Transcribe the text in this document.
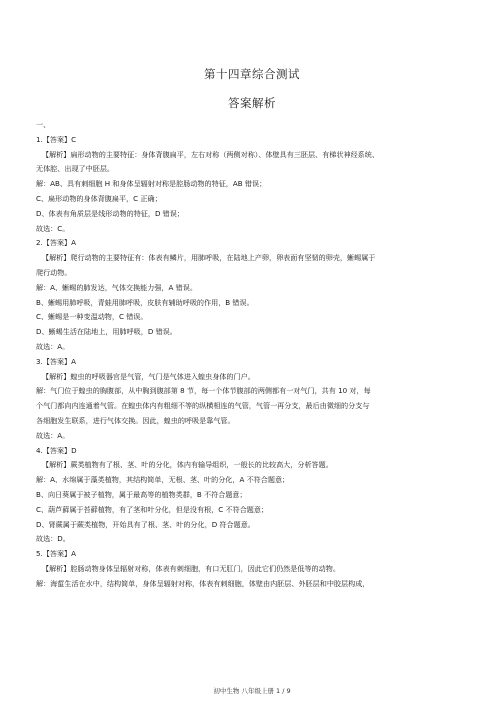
第十四章综合测试
答案解析
一、
1.【答案】C
【解析】扁形动物的主要特征：身体背腹扁平，左右对称（两侧对称）、体壁具有三胚层、有梯状神经系统、
无体腔、出现了中胚层。
解：AB、具有刺细胞 H 和身体呈辐射对称是腔肠动物的特征，AB 错误；
C、扁形动物的身体背腹扁平，C 正确；
D、体表有角质层是线形动物的特征，D 错误；
故选：C。
2.【答案】A
【解析】爬行动物的主要特征有：体表有鳞片，用肺呼吸，在陆地上产卵，卵表面有坚韧的卵壳，蜥蜴属于
爬行动物。
解：A、蜥蜴的肺发达，气体交换能力强，A 错误。
B、蜥蜴用肺呼吸，青蛙用肺呼吸，皮肤有辅助呼吸的作用，B 错误。
C、蜥蜴是一种变温动物，C 错误。
D、蜥蜴生活在陆地上，用肺呼吸，D 错误。
故选：A。
3.【答案】A
【解析】蝗虫的呼吸器官是气管，气门是气体进入蝗虫身体的门户。
解：气门位于蝗虫的胸腹部，从中胸到腹部第 8 节，每一个体节腹部的两侧都有一对气门，共有 10 对，每
个气门都向内连通着气管。在蝗虫体内有粗细不等的纵横相连的气管，气管一再分支，最后由微细的分支与
各细胞发生联系，进行气体交换。因此，蝗虫的呼吸是靠气管。
故选：A。
4.【答案】D
【解析】蕨类植物有了根、茎、叶的分化，体内有输导组织，一般长的比较高大，分析答题。
解：A、水绵属于藻类植物，其结构简单，无根、茎、叶的分化，A 不符合题意；
B、向日葵属于被子植物，属于最高等的植物类群，B 不符合题意；
C、葫芦藓属于苔藓植物，有了茎和叶分化，但是没有根，C 不符合题意；
D、肾蕨属于蕨类植物，开始具有了根、茎、叶的分化，D 符合题意。
故选：D。
5.【答案】A
【解析】腔肠动物身体呈辐射对称，体表有刺细胞，有口无肛门，因此它们仍然是低等的动物。
解：海蜇生活在水中，结构简单，身体呈辐射对称，体表有刺细胞，体壁由内胚层、外胚层和中胶层构成，
初中生物 八年级上册 1 / 9
